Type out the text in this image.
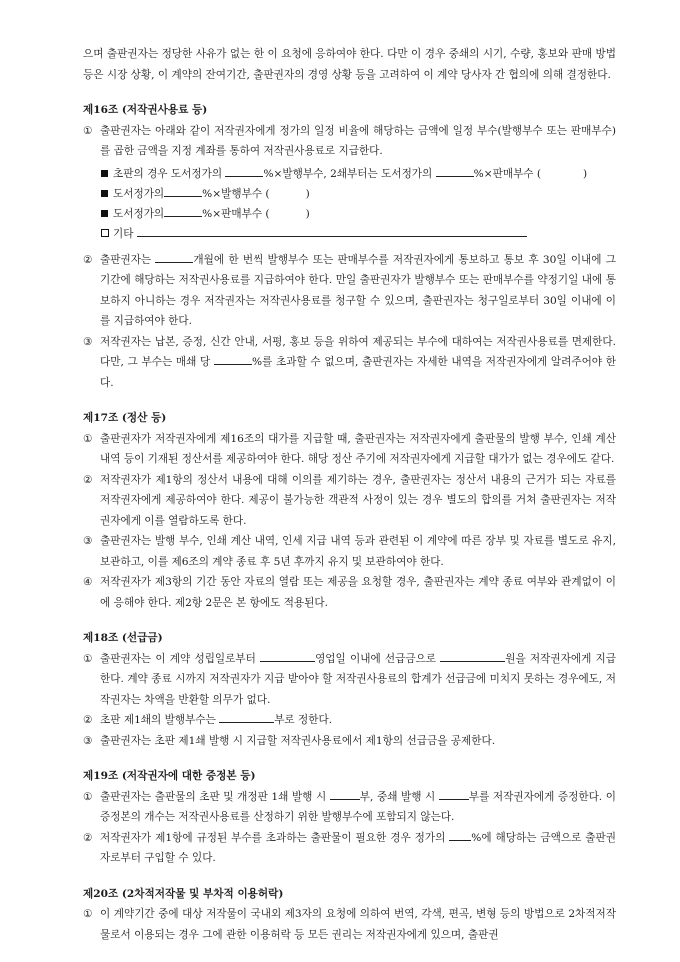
으며 출판권자는 정당한 사유가 없는 한 이 요청에 응하여야 한다. 다만 이 경우 중쇄의 시기, 수량, 홍보와 판매 방법 등은 시장 상황, 이 계약의 잔여기간, 출판권자의 경영 상황 등을 고려하여 이 계약 당사자 간 협의에 의해 결정한다.

제16조 (저작권사용료 등)

① 출판권자는 아래와 같이 저작권자에게 정가의 일정 비율에 해당하는 금액에 일정 부수(발행부수 또는 판매부수)를 곱한 금액을 지정 계좌를 통하여 저작권사용료로 지급한다.

초판의 경우 도서정가의	%×발행부수, 2쇄부터는 도서정가의	%×판매부수 (	)
도서정가의	%×발행부수 (	)
도서정가의	%×판매부수 (	)
기타

② 출판권자는	개월에 한 번씩 발행부수 또는 판매부수를 저작권자에게 통보하고 통보 후 30일 이내에 그 기간에 해당하는 저작권사용료를 지급하여야 한다. 만일 출판권자가 발행부수 또는 판매부수를 약정기일 내에 통보하지 아니하는 경우 저작권자는 저작권사용료를 청구할 수 있으며, 출판권자는 청구일로부터 30일 이내에 이를 지급하여야 한다.

③ 저작권자는 납본, 증정, 신간 안내, 서평, 홍보 등을 위하여 제공되는 부수에 대하여는 저작권사용료를 면제한다. 다만, 그 부수는 매쇄 당	%를 초과할 수 없으며, 출판권자는 자세한 내역을 저작권자에게 알려주어야 한다.

제17조 (정산 등)

① 출판권자가 저작권자에게 제16조의 대가를 지급할 때, 출판권자는 저작권자에게 출판물의 발행 부수, 인쇄 계산 내역 등이 기재된 정산서를 제공하여야 한다. 해당 정산 주기에 저작권자에게 지급할 대가가 없는 경우에도 같다.

② 저작권자가 제1항의 정산서 내용에 대해 이의를 제기하는 경우, 출판권자는 정산서 내용의 근거가 되는 자료를 저작권자에게 제공하여야 한다. 제공이 불가능한 객관적 사정이 있는 경우 별도의 합의를 거쳐 출판권자는 저작권자에게 이를 열람하도록 한다.

③ 출판권자는 발행 부수, 인쇄 계산 내역, 인세 지급 내역 등과 관련된 이 계약에 따른 장부 및 자료를 별도로 유지, 보관하고, 이를 제6조의 계약 종료 후 5년 후까지 유지 및 보관하여야 한다.

④ 저작권자가 제3항의 기간 동안 자료의 열람 또는 제공을 요청할 경우, 출판권자는 계약 종료 여부와 관계없이 이에 응해야 한다. 제2항 2문은 본 항에도 적용된다.

제18조 (선급금)

① 출판권자는 이 계약 성립일로부터	영업일 이내에 선급금으로	원을 저작권자에게 지급한다. 계약 종료 시까지 저작권자가 지급 받아야 할 저작권사용료의 합계가 선급금에 미치지 못하는 경우에도, 저작권자는 차액을 반환할 의무가 없다.

② 초판 제1쇄의 발행부수는	부로 정한다.

③ 출판권자는 초판 제1쇄 발행 시 지급할 저작권사용료에서 제1항의 선급금을 공제한다.

제19조 (저작권자에 대한 증정본 등)

① 출판권자는 출판물의 초판 및 개정판 1쇄 발행 시	부, 중쇄 발행 시	부를 저작권자에게 증정한다. 이 증정본의 개수는 저작권사용료를 산정하기 위한 발행부수에 포함되지 않는다.

② 저작권자가 제1항에 규정된 부수를 초과하는 출판물이 필요한 경우 정가의 %에 해당하는 금액으로 출판권자로부터 구입할 수 있다.

제20조 (2차적저작물 및 부차적 이용허락)

① 이 계약기간 중에 대상 저작물이 국내외 제3자의 요청에 의하여 번역, 각색, 편곡, 변형 등의 방법으로 2차적저작물로서 이용되는 경우 그에 관한 이용허락 등 모든 권리는 저작권자에게 있으며, 출판권
